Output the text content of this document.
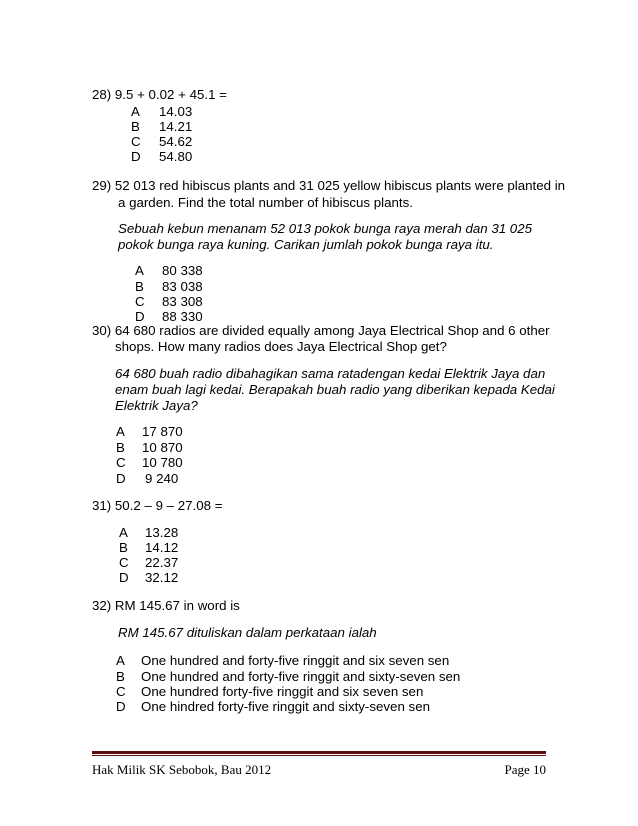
28) 9.5 + 0.02 + 45.1 =
A 14.03
B 14.21
C 54.62
D 54.80
29) 52 013 red hibiscus plants and 31 025 yellow hibiscus plants were planted in
a garden. Find the total number of hibiscus plants.
Sebuah kebun menanam 52 013 pokok bunga raya merah dan 31 025
pokok bunga raya kuning. Carikan jumlah pokok bunga raya itu.
A 80 338
B 83 038
C 83 308
D 88 330
30) 64 680 radios are divided equally among Jaya Electrical Shop and 6 other
shops. How many radios does Jaya Electrical Shop get?
64 680 buah radio dibahagikan sama ratadengan kedai Elektrik Jaya dan
enam buah lagi kedai. Berapakah buah radio yang diberikan kepada Kedai
Elektrik Jaya?
A 17 870
B 10 870
C 10 780
D 9 240
31) 50.2 – 9 – 27.08 =
A 13.28
B 14.12
C 22.37
D 32.12
32) RM 145.67 in word is
RM 145.67 dituliskan dalam perkataan ialah
A One hundred and forty-five ringgit and six seven sen
B One hundred and forty-five ringgit and sixty-seven sen
C One hundred forty-five ringgit and six seven sen
D One hindred forty-five ringgit and sixty-seven sen
Hak Milik SK Sebobok, Bau 2012	Page 10
